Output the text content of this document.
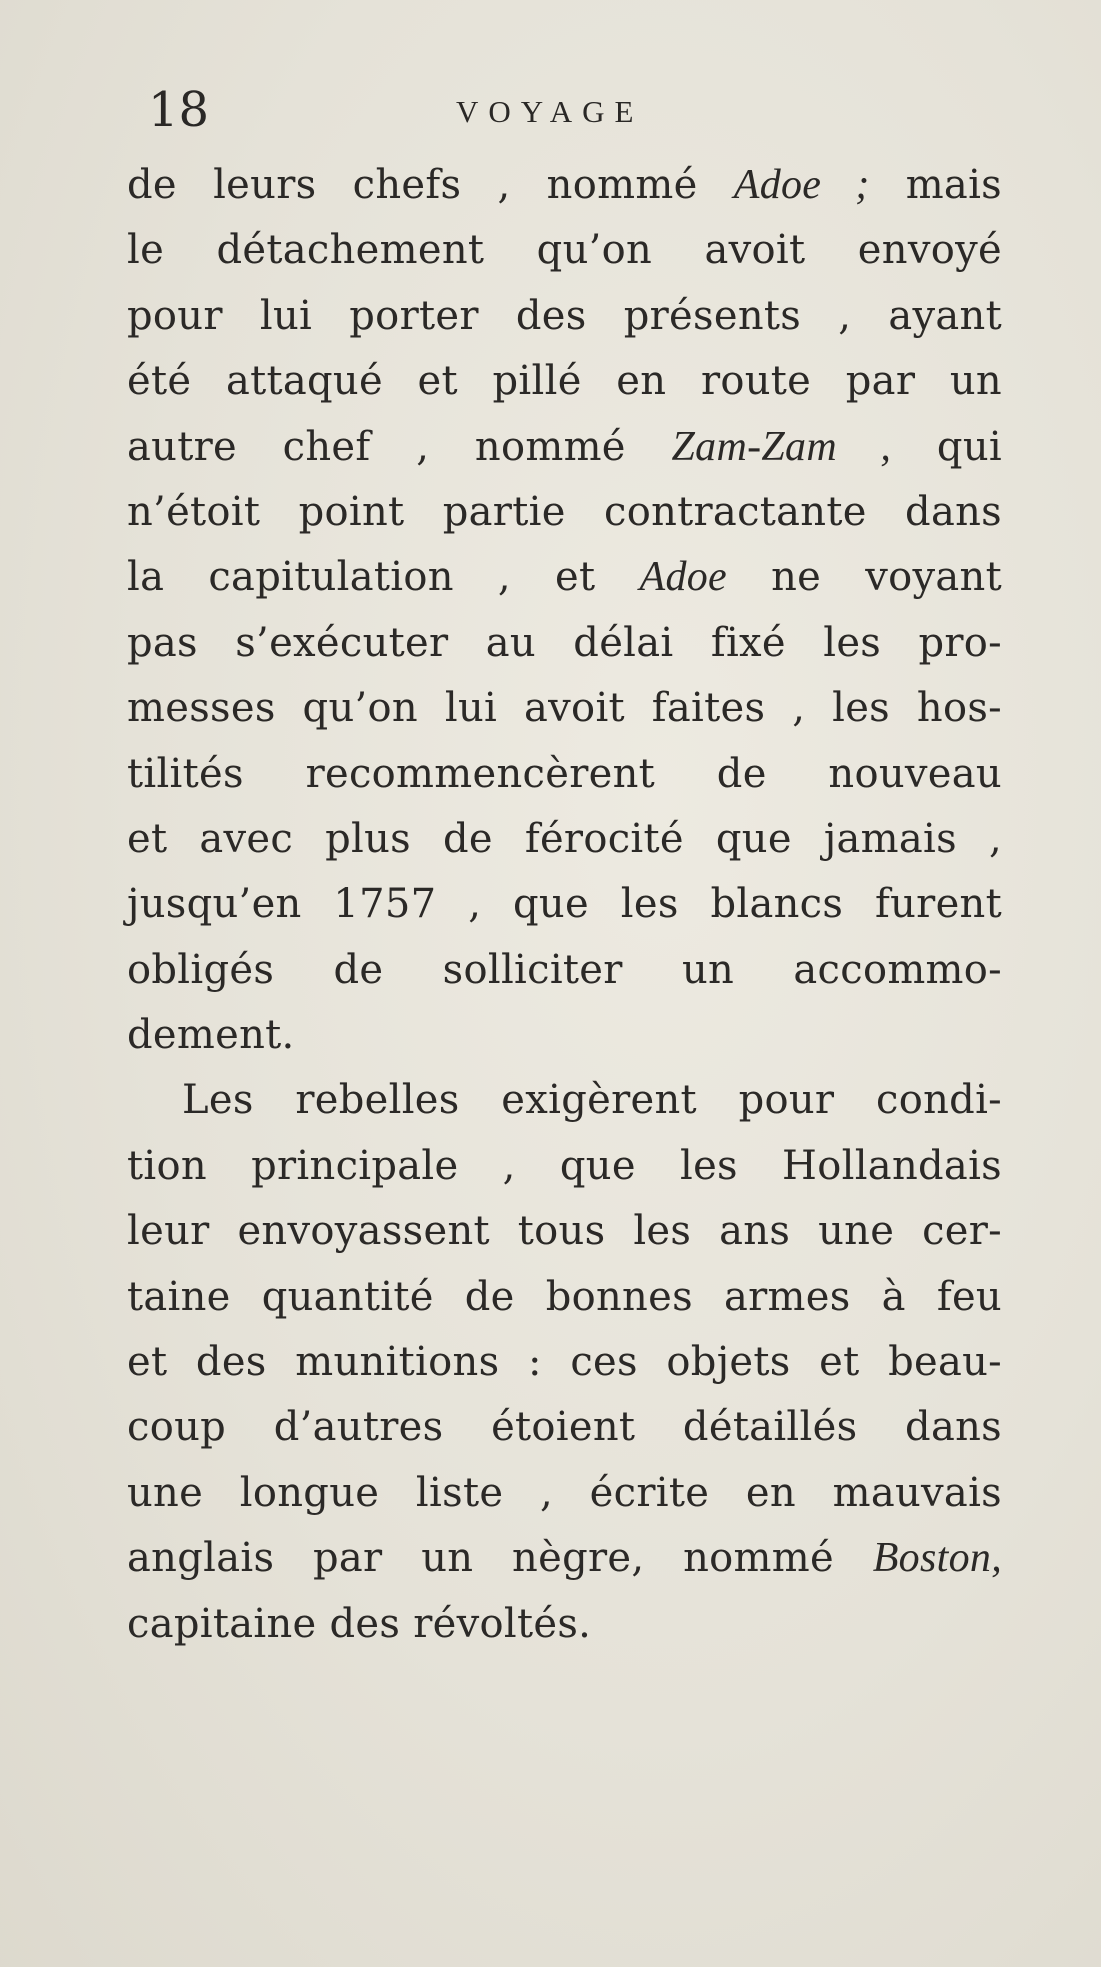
18	VOYAGE
de leurs chefs , nommé Adoe ; mais
le détachement qu’on avoit envoyé
pour lui porter des présents , ayant
été attaqué et pillé en route par un
autre chef , nommé Zam-Zam , qui
n’étoit point partie contractante dans
la capitulation , et Adoe ne voyant
pas s’exécuter au délai fixé les pro-
messes qu’on lui avoit faites , les hos-
tilités recommencèrent de nouveau
et avec plus de férocité que jamais ,
jusqu’en 1757 , que les blancs furent
obligés de solliciter un accommo-
dement.
Les rebelles exigèrent pour condi-
tion principale , que les Hollandais
leur envoyassent tous les ans une cer-
taine quantité de bonnes armes à feu
et des munitions : ces objets et beau-
coup d’autres étoient détaillés dans
une longue liste , écrite en mauvais
anglais par un nègre, nommé Boston,
capitaine des révoltés.
